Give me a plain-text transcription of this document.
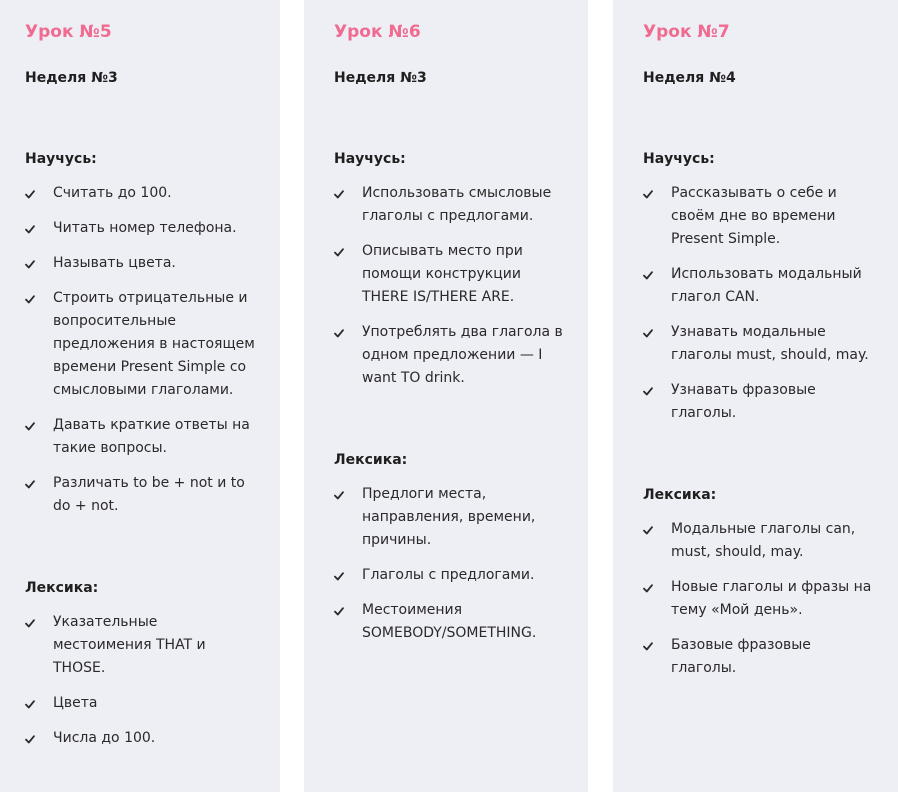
Урок №5
Неделя №3
Научусь:
Считать до 100.
Читать номер телефона.
Называть цвета.
Строить отрицательные и вопросительные предложения в настоящем времени Present Simple со смысловыми глаголами.
Давать краткие ответы на такие вопросы.
Различать to be + not и to do + not.
Лексика:
Указательные местоимения THAT и THOSE.
Цвета
Числа до 100.
Урок №6
Неделя №3
Научусь:
Использовать смысловые глаголы с предлогами.
Описывать место при помощи конструкции THERE IS/THERE ARE.
Употреблять два глагола в одном предложении — I want TO drink.
Лексика:
Предлоги места, направления, времени, причины.
Глаголы с предлогами.
Местоимения SOMEBODY/SOMETHING.
Урок №7
Неделя №4
Научусь:
Рассказывать о себе и своём дне во времени Present Simple.
Использовать модальный глагол CAN.
Узнавать модальные глаголы must, should, may.
Узнавать фразовые глаголы.
Лексика:
Модальные глаголы can, must, should, may.
Новые глаголы и фразы на тему «Мой день».
Базовые фразовые глаголы.
